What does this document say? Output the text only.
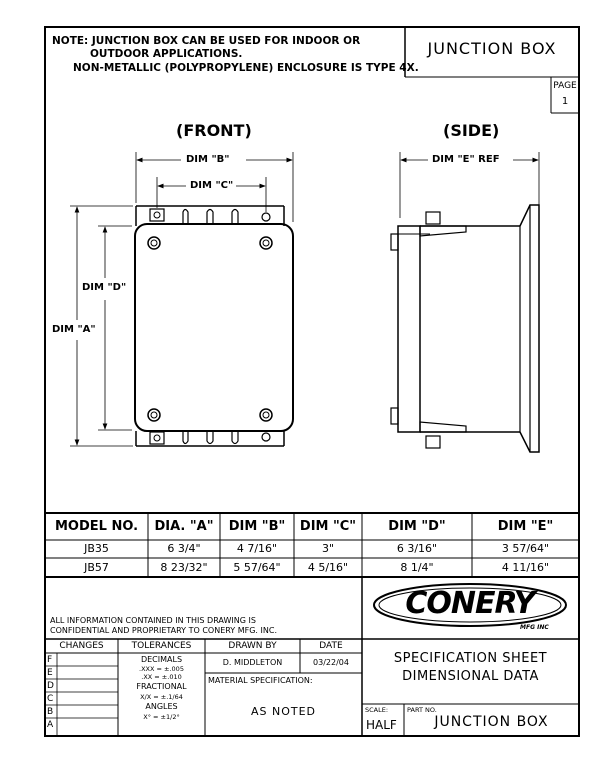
NOTE: JUNCTION BOX CAN BE USED FOR INDOOR OR
OUTDOOR APPLICATIONS.
NON-METALLIC (POLYPROPYLENE) ENCLOSURE IS TYPE 4X.
JUNCTION BOX
PAGE
1
(FRONT)	(SIDE)
DIM "B"
DIM "C"
DIM "D"
DIM "A"
DIM "E" REF
MODEL NO.	DIA. "A"	DIM "B"	DIM "C"	DIM "D"	DIM "E"
JB35	6 3/4"	4 7/16"	3"	6 3/16"	3 57/64"
JB57	8 23/32"	5 57/64"	4 5/16"	8 1/4"	4 11/16"
ALL INFORMATION CONTAINED IN THIS DRAWING IS
CONFIDENTIAL AND PROPRIETARY TO CONERY MFG. INC.
CONERY
MFG INC
CHANGES
F
E
D
C
B
A
TOLERANCES
DECIMALS
.XXX = ±.005
.XX = ±.010
FRACTIONAL
X/X = ±.1/64
ANGLES
X° = ±1/2°
DRAWN BY
D. MIDDLETON
DATE
03/22/04
MATERIAL SPECIFICATION:
AS NOTED
SPECIFICATION SHEET
DIMENSIONAL DATA
SCALE:
HALF
PART NO.
JUNCTION BOX
